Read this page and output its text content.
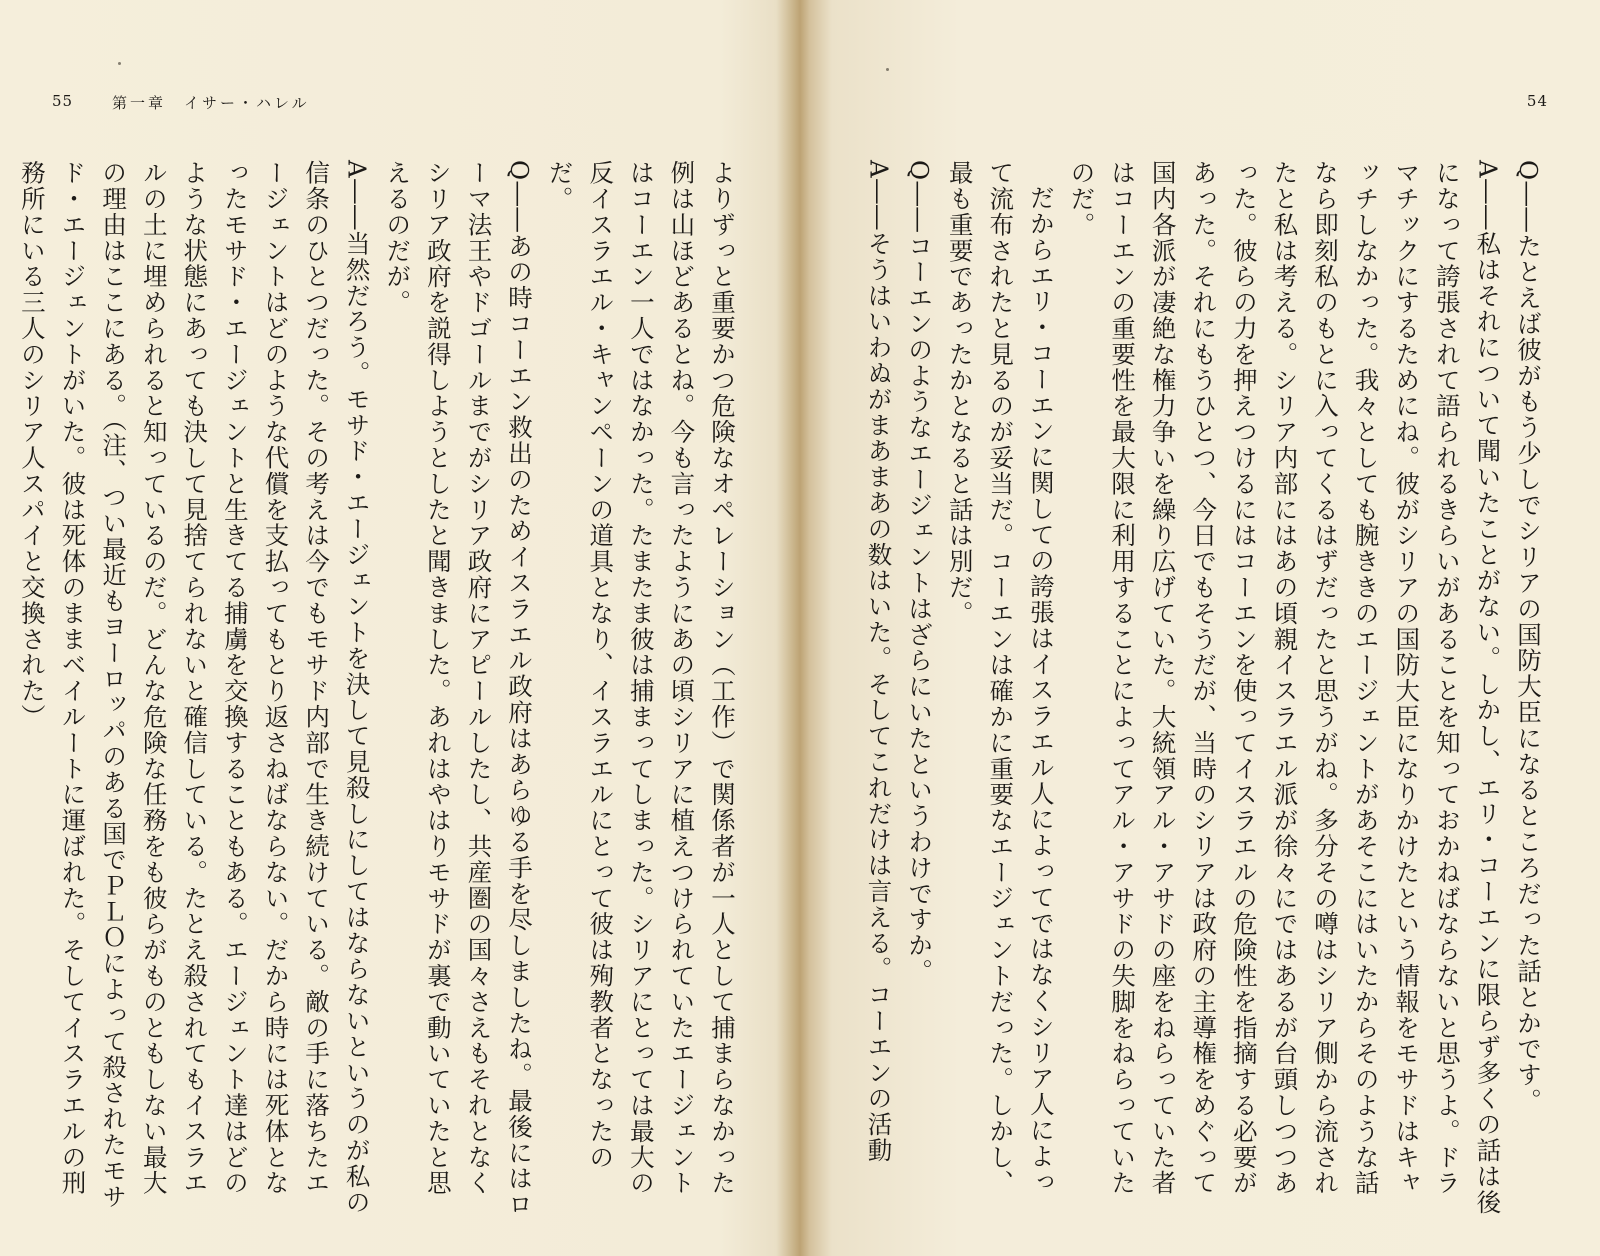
55	第一章　イサー・ハレル

よりずっと重要かつ危険なオペレーション（工作）で関係者が一人として捕まらなかった例は山ほどあるとね。今も言ったようにあの頃シリアに植えつけられていたエージェントはコーエン一人ではなかった。たまたま彼は捕まってしまった。シリアにとっては最大の反イスラエル・キャンペーンの道具となり、イスラエルにとって彼は殉教者となったのだ。

Q――あの時コーエン救出のためイスラエル政府はあらゆる手を尽しましたね。最後にはローマ法王やドゴールまでがシリア政府にアピールしたし、共産圏の国々さえもそれとなくシリア政府を説得しようとしたと聞きました。あれはやはりモサドが裏で動いていたと思えるのだが。

A――当然だろう。モサド・エージェントを決して見殺しにしてはならないというのが私の信条のひとつだった。その考えは今でもモサド内部で生き続けている。敵の手に落ちたエージェントはどのような代償を支払ってもとり返さねばならない。だから時には死体となったモサド・エージェントと生きてる捕虜を交換することもある。エージェント達はどのような状態にあっても決して見捨てられないと確信している。たとえ殺されてもイスラエルの土に埋められると知っているのだ。どんな危険な任務をも彼らがものともしない最大の理由はここにある。（注、つい最近もヨーロッパのある国でＰＬＯによって殺されたモサド・エージェントがいた。彼は死体のままベイルートに運ばれた。そしてイスラエルの刑務所にいる三人のシリア人スパイと交換された）

54

Q――たとえば彼がもう少しでシリアの国防大臣になるところだった話とかです。

A――私はそれについて聞いたことがない。しかし、エリ・コーエンに限らず多くの話は後になって誇張されて語られるきらいがあることを知っておかねばならないと思うよ。ドラマチックにするためにね。彼がシリアの国防大臣になりかけたという情報をモサドはキャッチしなかった。我々としても腕ききのエージェントがあそこにはいたからそのような話なら即刻私のもとに入ってくるはずだったと思うがね。多分その噂はシリア側から流されたと私は考える。シリア内部にはあの頃親イスラエル派が徐々にではあるが台頭しつつあった。彼らの力を押えつけるにはコーエンを使ってイスラエルの危険性を指摘する必要があった。それにもうひとつ、今日でもそうだが、当時のシリアは政府の主導権をめぐって国内各派が凄絶な権力争いを繰り広げていた。大統領アル・アサドの座をねらっていた者はコーエンの重要性を最大限に利用することによってアル・アサドの失脚をねらっていたのだ。

だからエリ・コーエンに関しての誇張はイスラエル人によってではなくシリア人によって流布されたと見るのが妥当だ。コーエンは確かに重要なエージェントだった。しかし、最も重要であったかとなると話は別だ。

Q――コーエンのようなエージェントはざらにいたというわけですか。

A――そうはいわぬがまあまあの数はいた。そしてこれだけは言える。コーエンの活動
